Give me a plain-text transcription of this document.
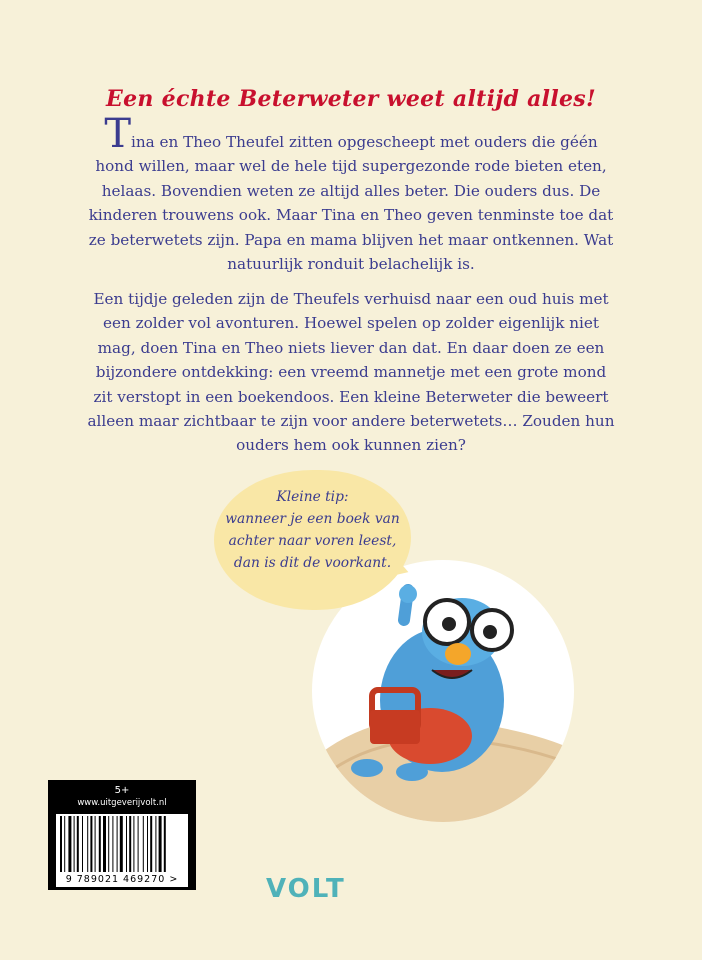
Een échte Beterweter weet altijd alles!
Tina en Theo Theufel zitten opgescheept met ouders die géén hond willen, maar wel de hele tijd supergezonde rode bieten eten, helaas. Bovendien weten ze altijd alles beter. Die ouders dus. De kinderen trouwens ook. Maar Tina en Theo geven tenminste toe dat ze beterwetets zijn. Papa en mama blijven het maar ontkennen. Wat natuurlijk ronduit belachelijk is.
Een tijdje geleden zijn de Theufels verhuisd naar een oud huis met een zolder vol avonturen. Hoewel spelen op zolder eigenlijk niet mag, doen Tina en Theo niets liever dan dat. En daar doen ze een bijzondere ontdekking: een vreemd mannetje met een grote mond zit verstopt in een boekendoos. Een kleine Beterweter die beweert alleen maar zichtbaar te zijn voor andere beterwetets… Zouden hun ouders hem ook kunnen zien?
Kleine tip:
wanneer je een boek van
achter naar voren leest,
dan is dit de voorkant.
5+
www.uitgeverijvolt.nl
9 789021 469270 >	VOLT
